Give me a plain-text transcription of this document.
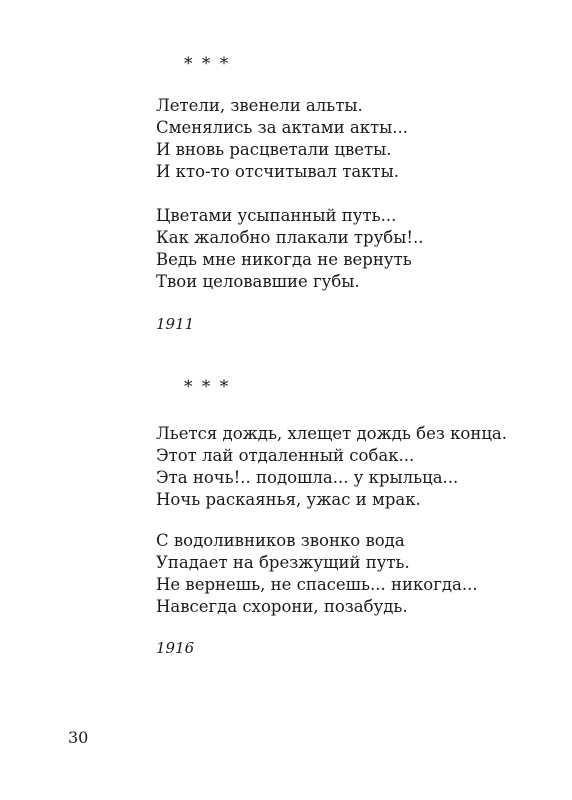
* * *
Летели, звенели альты.
Сменялись за актами акты...
И вновь расцветали цветы.
И кто-то отсчитывал такты.
Цветами усыпанный путь...
Как жалобно плакали трубы!..
Ведь мне никогда не вернуть
Твои целовавшие губы.
1911
* * *
Льется дождь, хлещет дождь без конца.
Этот лай отдаленный собак...
Эта ночь!.. подошла... у крыльца...
Ночь раскаянья, ужас и мрак.
С водоливников звонко вода
Упадает на брезжущий путь.
Не вернешь, не спасешь... никогда...
Навсегда схорони, позабудь.
1916
30
